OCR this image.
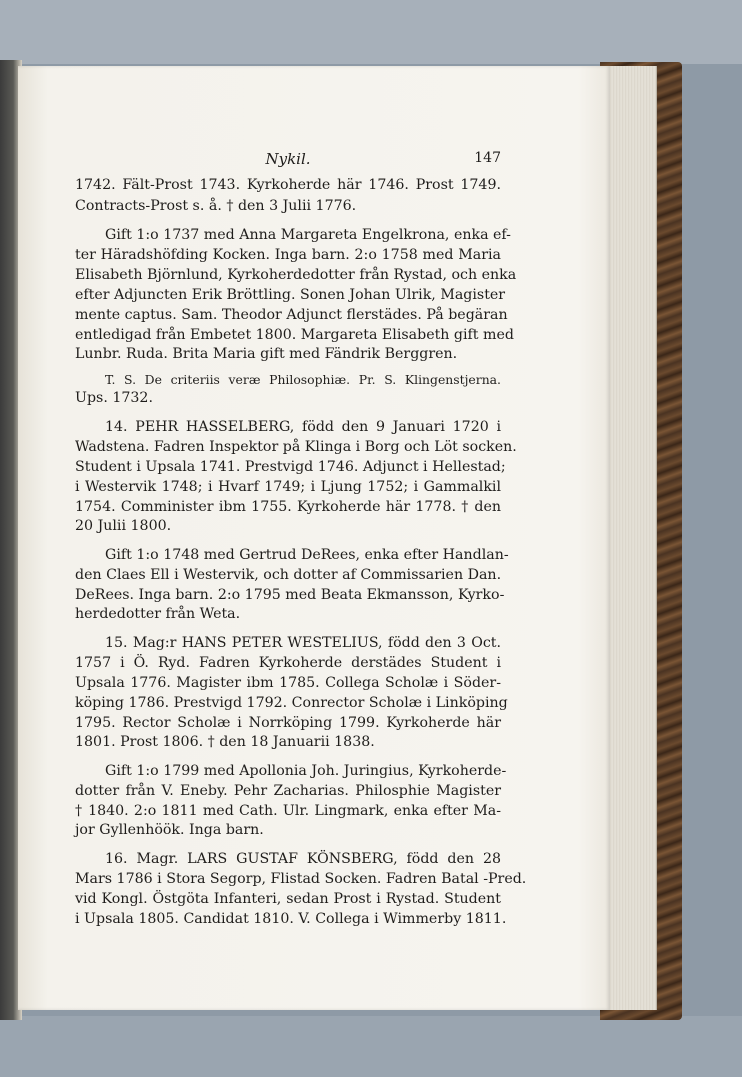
Nykil.	147
1742. Fält-Prost 1743. Kyrkoherde här 1746. Prost 1749.
Contracts-Prost s. å. † den 3 Julii 1776.
Gift 1:o 1737 med Anna Margareta Engelkrona, enka ef-
ter Häradshöfding Kocken. Inga barn. 2:o 1758 med Maria
Elisabeth Björnlund, Kyrkoherdedotter från Rystad, och enka
efter Adjuncten Erik Bröttling. Sonen Johan Ulrik, Magister
mente captus. Sam. Theodor Adjunct flerstädes. På begäran
entledigad från Embetet 1800. Margareta Elisabeth gift med
Lunbr. Ruda. Brita Maria gift med Fändrik Berggren.
T. S. De criteriis veræ Philosophiæ. Pr. S. Klingenstjerna.
Ups. 1732.
14. PEHR HASSELBERG, född den 9 Januari 1720 i
Wadstena. Fadren Inspektor på Klinga i Borg och Löt socken.
Student i Upsala 1741. Prestvigd 1746. Adjunct i Hellestad;
i Westervik 1748; i Hvarf 1749; i Ljung 1752; i Gammalkil
1754. Comminister ibm 1755. Kyrkoherde här 1778. † den
20 Julii 1800.
Gift 1:o 1748 med Gertrud DeRees, enka efter Handlan-
den Claes Ell i Westervik, och dotter af Commissarien Dan.
DeRees. Inga barn. 2:o 1795 med Beata Ekmansson, Kyrko-
herdedotter från Weta.
15. Mag:r HANS PETER WESTELIUS, född den 3 Oct.
1757 i Ö. Ryd. Fadren Kyrkoherde derstädes Student i
Upsala 1776. Magister ibm 1785. Collega Scholæ i Söder-
köping 1786. Prestvigd 1792. Conrector Scholæ i Linköping
1795. Rector Scholæ i Norrköping 1799. Kyrkoherde här
1801. Prost 1806. † den 18 Januarii 1838.
Gift 1:o 1799 med Apollonia Joh. Juringius, Kyrkoherde-
dotter från V. Eneby. Pehr Zacharias. Philosphie Magister
† 1840. 2:o 1811 med Cath. Ulr. Lingmark, enka efter Ma-
jor Gyllenhöök. Inga barn.
16. Magr. LARS GUSTAF KÖNSBERG, född den 28
Mars 1786 i Stora Segorp, Flistad Socken. Fadren Batal -Pred.
vid Kongl. Östgöta Infanteri, sedan Prost i Rystad. Student
i Upsala 1805. Candidat 1810. V. Collega i Wimmerby 1811.
